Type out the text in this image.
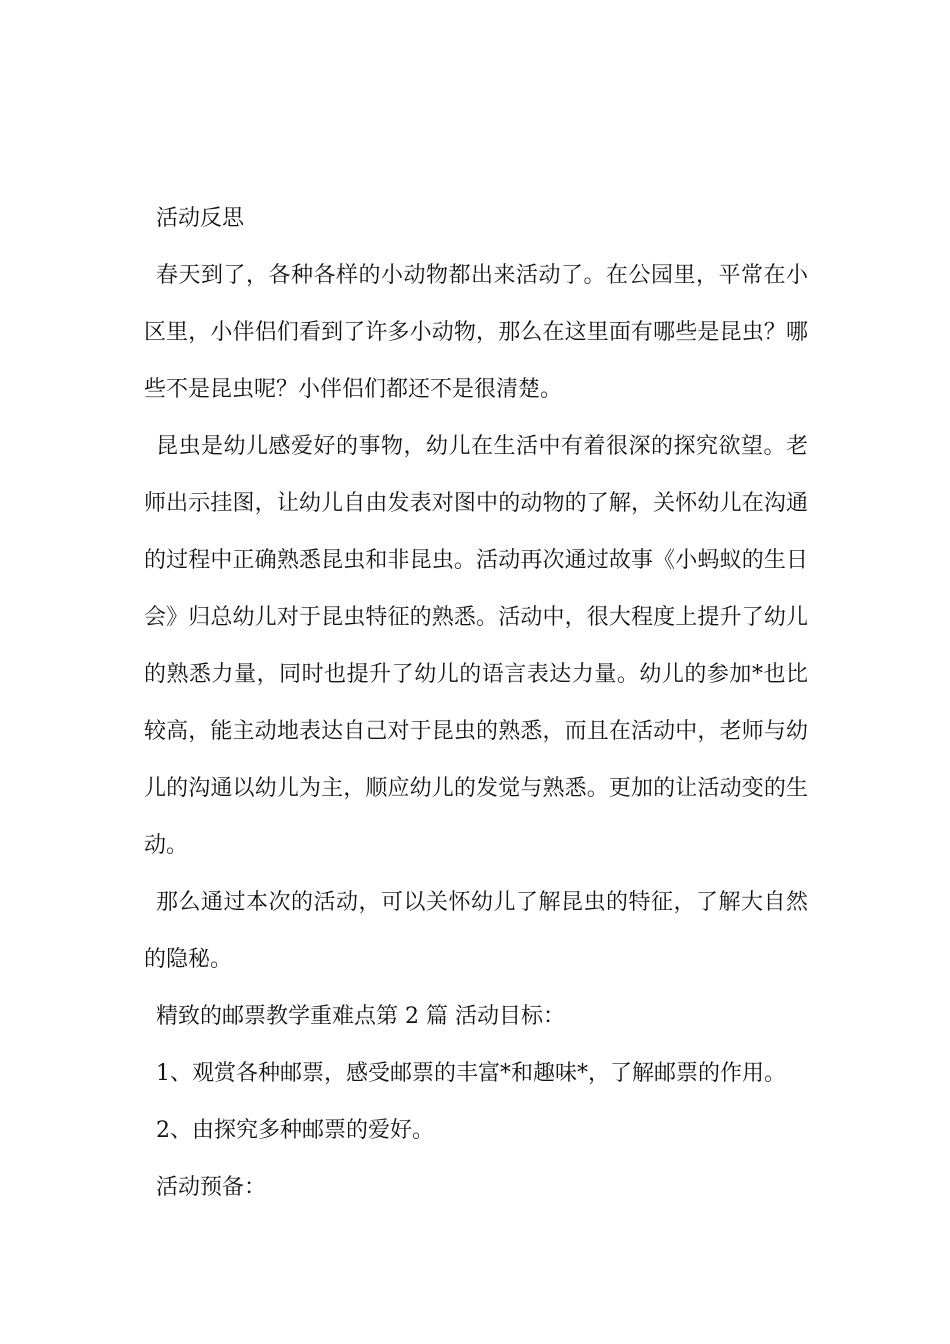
活动反思

春天到了，各种各样的小动物都出来活动了。在公园里，平常在小区里，小伴侣们看到了许多小动物，那么在这里面有哪些是昆虫？哪些不是昆虫呢？小伴侣们都还不是很清楚。

昆虫是幼儿感爱好的事物，幼儿在生活中有着很深的探究欲望。老师出示挂图，让幼儿自由发表对图中的动物的了解，关怀幼儿在沟通的过程中正确熟悉昆虫和非昆虫。活动再次通过故事《小蚂蚁的生日会》归总幼儿对于昆虫特征的熟悉。活动中，很大程度上提升了幼儿的熟悉力量，同时也提升了幼儿的语言表达力量。幼儿的参加*也比较高，能主动地表达自己对于昆虫的熟悉，而且在活动中，老师与幼儿的沟通以幼儿为主，顺应幼儿的发觉与熟悉。更加的让活动变的生动。

那么通过本次的活动，可以关怀幼儿了解昆虫的特征，了解大自然的隐秘。

精致的邮票教学重难点第 2 篇 活动目标：

1、观赏各种邮票，感受邮票的丰富*和趣味*，了解邮票的作用。

2、由探究多种邮票的爱好。

活动预备：
